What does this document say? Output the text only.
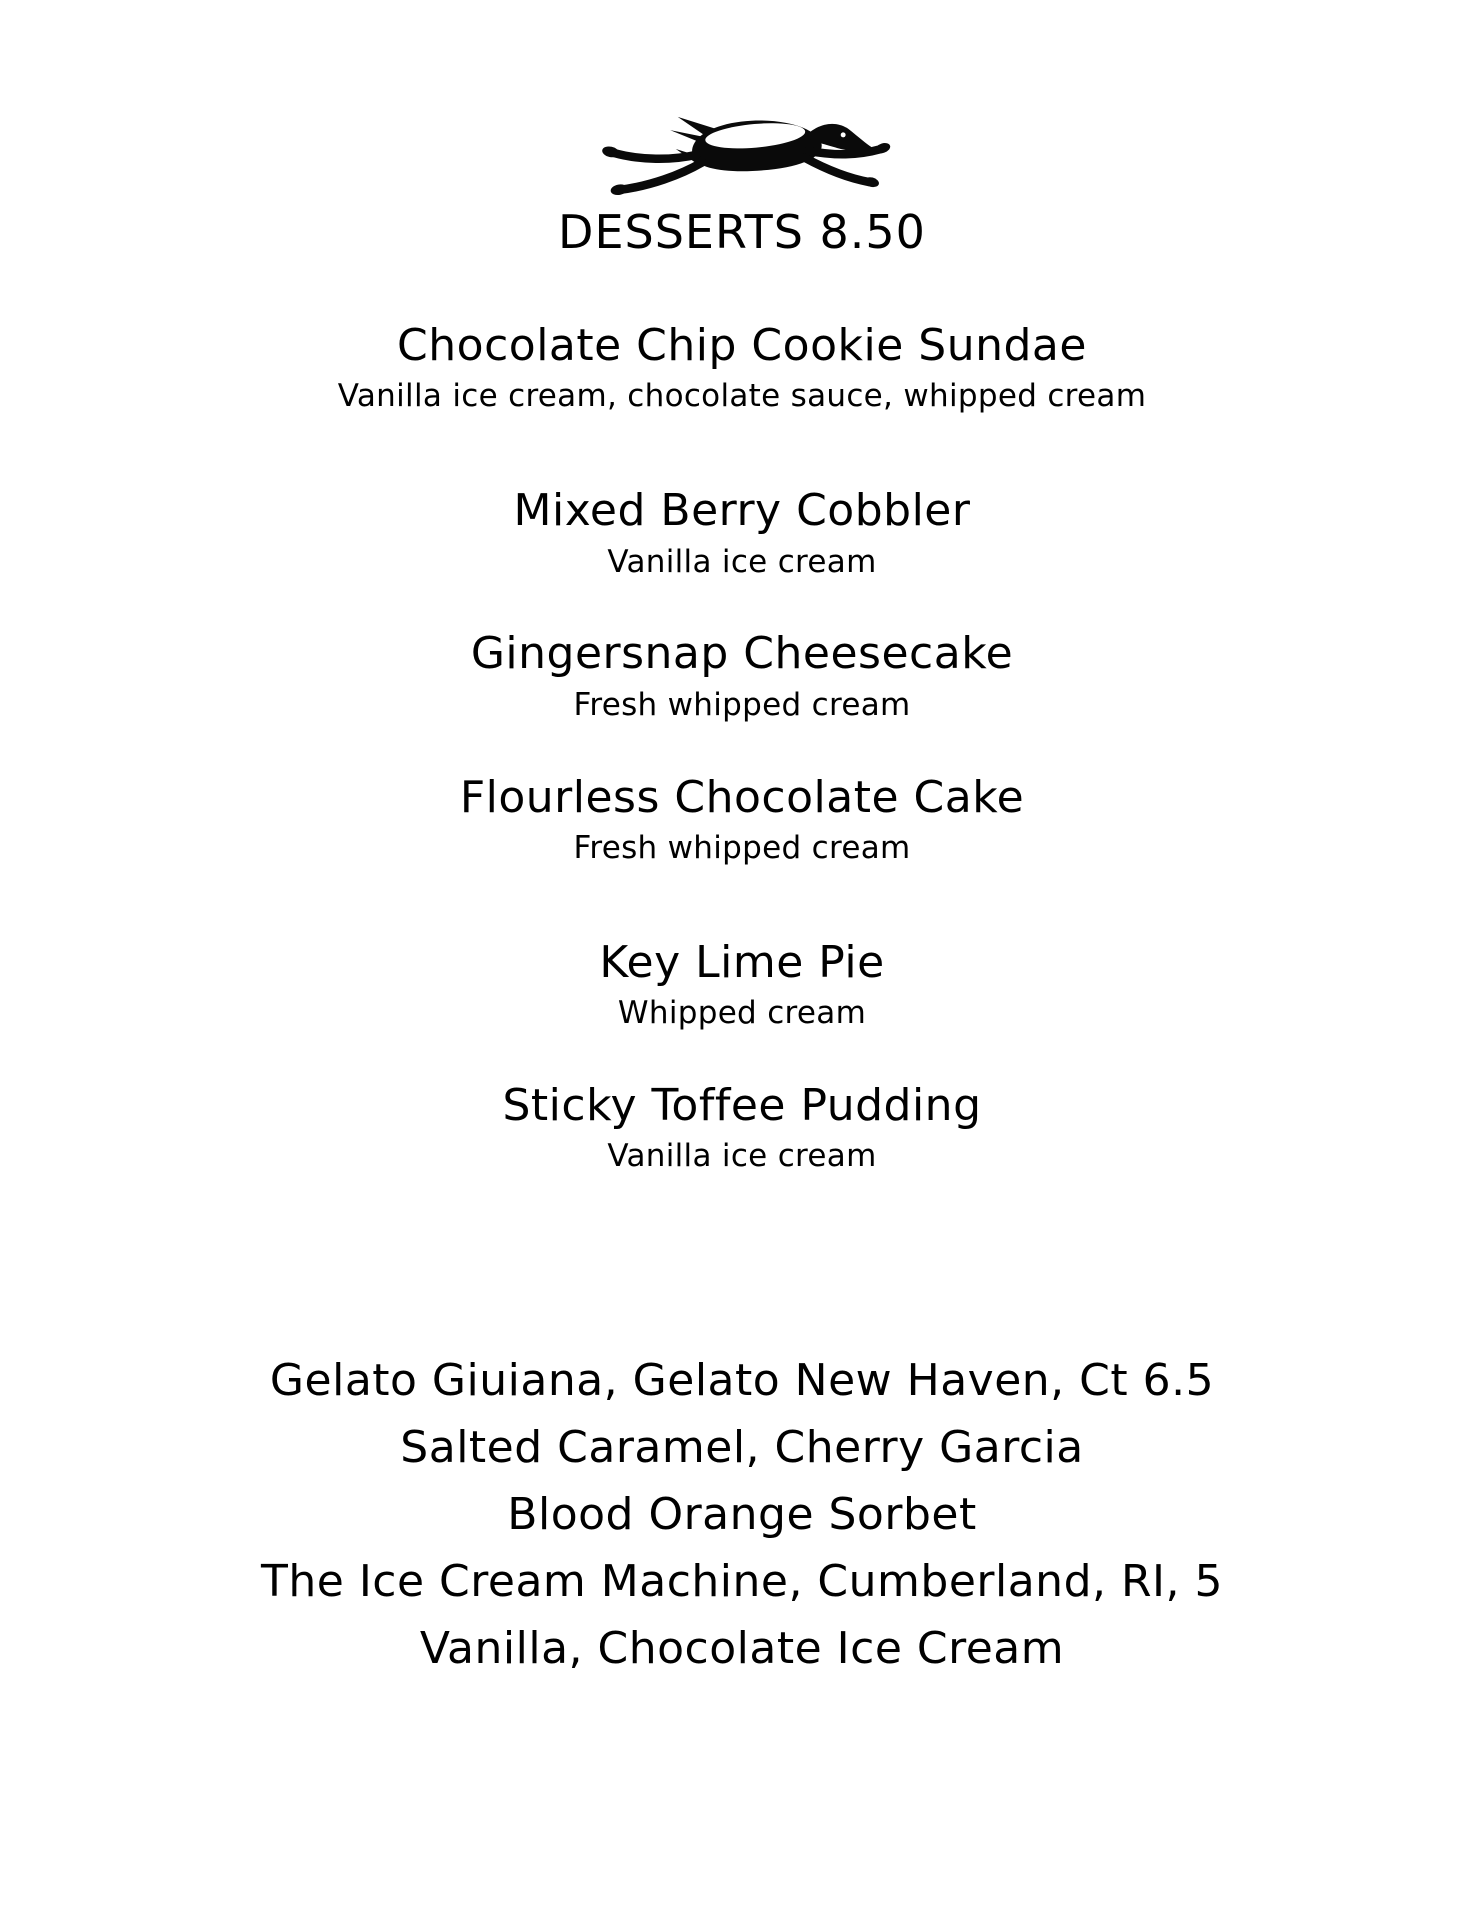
DESSERTS 8.50
Chocolate Chip Cookie Sundae
Vanilla ice cream, chocolate sauce, whipped cream
Mixed Berry Cobbler
Vanilla ice cream
Gingersnap Cheesecake
Fresh whipped cream
Flourless Chocolate Cake
Fresh whipped cream
Key Lime Pie
Whipped cream
Sticky Toffee Pudding
Vanilla ice cream
Gelato Giuiana, Gelato New Haven, Ct 6.5
Salted Caramel, Cherry Garcia
Blood Orange Sorbet
The Ice Cream Machine, Cumberland, RI, 5
Vanilla, Chocolate Ice Cream
